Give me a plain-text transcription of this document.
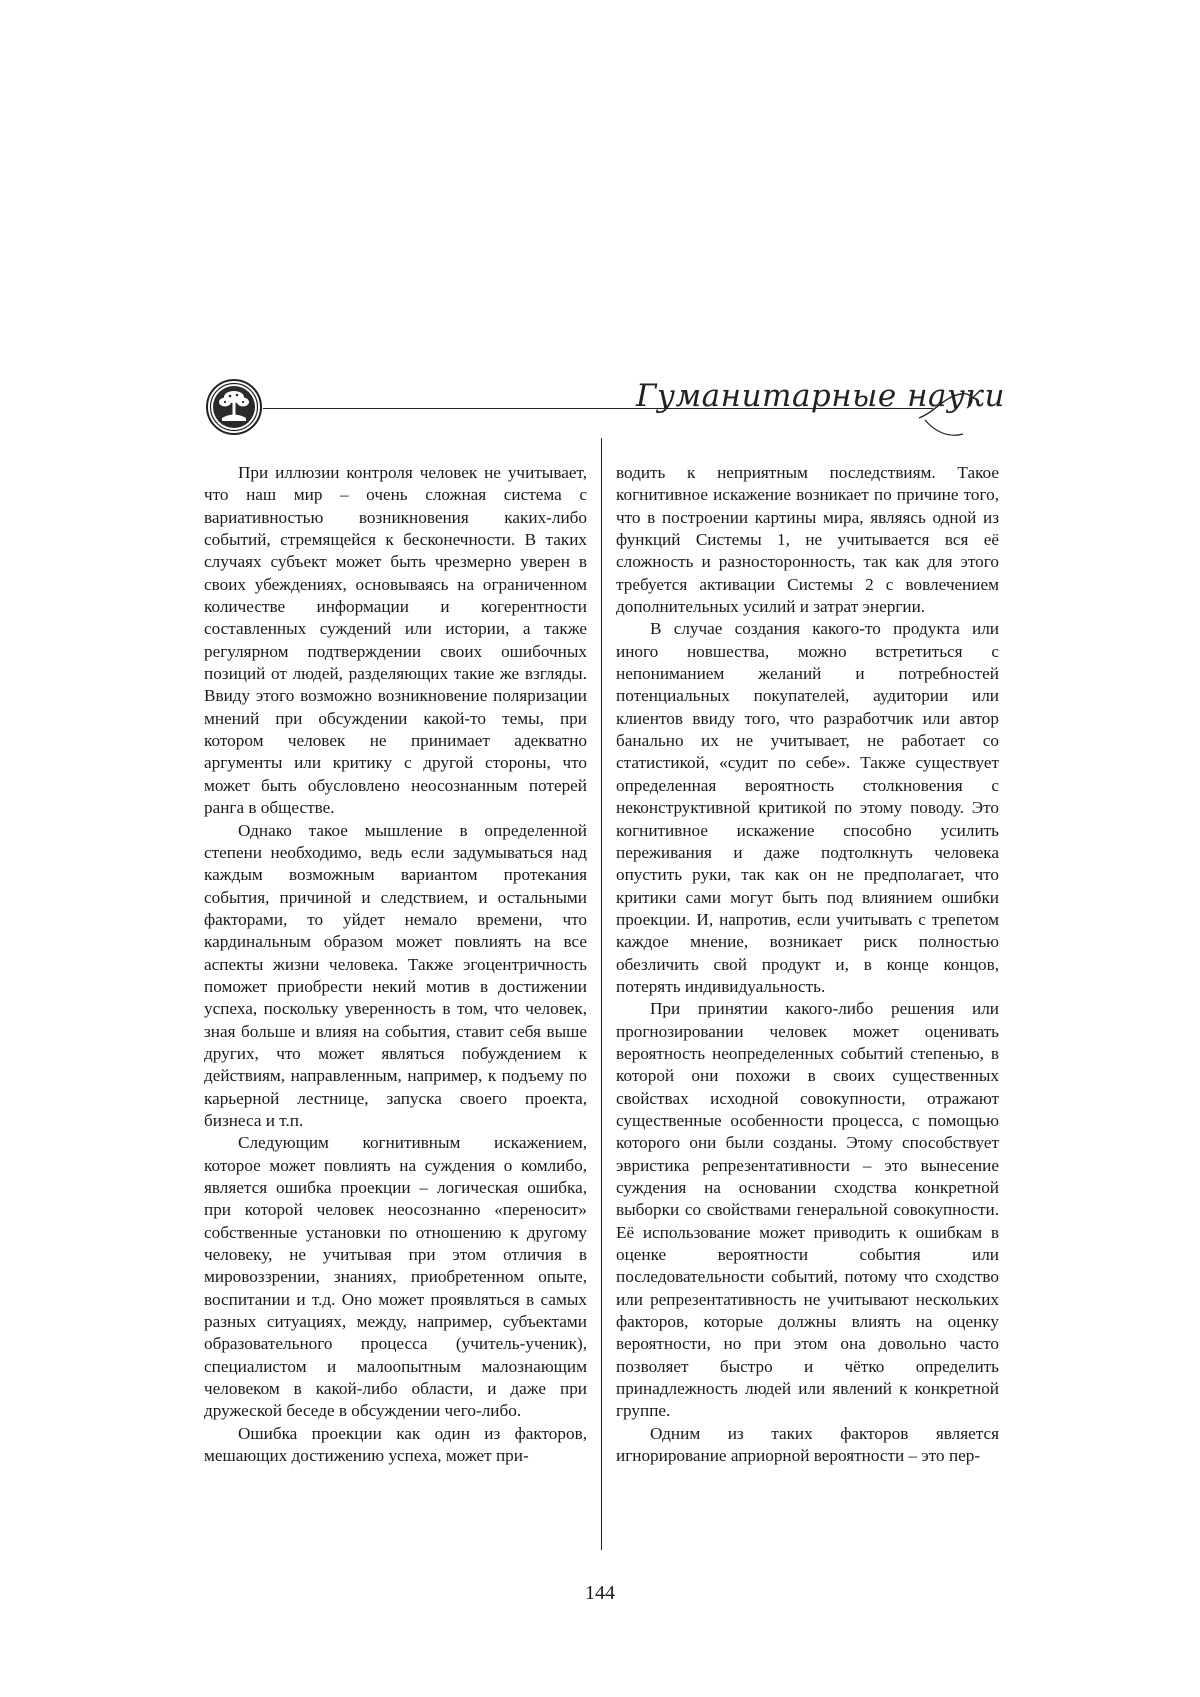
Гуманитарные науки

При иллюзии контроля человек не учитывает, что наш мир – очень сложная система с вариативностью возникновения каких-либо событий, стремящейся к бесконечности. В таких случаях субъект может быть чрезмерно уверен в своих убеждениях, основываясь на ограниченном количестве информации и когерентности составленных суждений или истории, а также регулярном подтверждении своих ошибочных позиций от людей, разделяющих такие же взгляды. Ввиду этого возможно возникновение поляризации мнений при обсуждении какой-то темы, при котором человек не принимает адекватно аргументы или критику с другой стороны, что может быть обусловлено неосознанным потерей ранга в обществе.

Однако такое мышление в определенной степени необходимо, ведь если задумываться над каждым возможным вариантом протекания события, причиной и следствием, и остальными факторами, то уйдет немало времени, что кардинальным образом может повлиять на все аспекты жизни человека. Также эгоцентричность поможет приобрести некий мотив в достижении успеха, поскольку уверенность в том, что человек, зная больше и влияя на события, ставит себя выше других, что может являться побуждением к действиям, направленным, например, к подъему по карьерной лестнице, запуска своего проекта, бизнеса и т.п.

Следующим когнитивным искажением, которое может повлиять на суждения о комлибо, является ошибка проекции – логическая ошибка, при которой человек неосознанно «переносит» собственные установки по отношению к другому человеку, не учитывая при этом отличия в мировоззрении, знаниях, приобретенном опыте, воспитании и т.д. Оно может проявляться в самых разных ситуациях, между, например, субъектами образовательного процесса (учитель-ученик), специалистом и малоопытным малознающим человеком в какой-либо области, и даже при дружеской беседе в обсуждении чего-либо.

Ошибка проекции как один из факторов, мешающих достижению успеха, может при-

водить к неприятным последствиям. Такое когнитивное искажение возникает по причине того, что в построении картины мира, являясь одной из функций Системы 1, не учитывается вся её сложность и разносторонность, так как для этого требуется активации Системы 2 с вовлечением дополнительных усилий и затрат энергии.

В случае создания какого-то продукта или иного новшества, можно встретиться с непониманием желаний и потребностей потенциальных покупателей, аудитории или клиентов ввиду того, что разработчик или автор банально их не учитывает, не работает со статистикой, «судит по себе». Также существует определенная вероятность столкновения с неконструктивной критикой по этому поводу. Это когнитивное искажение способно усилить переживания и даже подтолкнуть человека опустить руки, так как он не предполагает, что критики сами могут быть под влиянием ошибки проекции. И, напротив, если учитывать с трепетом каждое мнение, возникает риск полностью обезличить свой продукт и, в конце концов, потерять индивидуальность.

При принятии какого-либо решения или прогнозировании человек может оценивать вероятность неопределенных событий степенью, в которой они похожи в своих существенных свойствах исходной совокупности, отражают существенные особенности процесса, с помощью которого они были созданы. Этому способствует эвристика репрезентативности – это вынесение суждения на основании сходства конкретной выборки со свойствами генеральной совокупности. Её использование может приводить к ошибкам в оценке вероятности события или последовательности событий, потому что сходство или репрезентативность не учитывают нескольких факторов, которые должны влиять на оценку вероятности, но при этом она довольно часто позволяет быстро и чётко определить принадлежность людей или явлений к конкретной группе.

Одним из таких факторов является игнорирование априорной вероятности – это пер-

144
